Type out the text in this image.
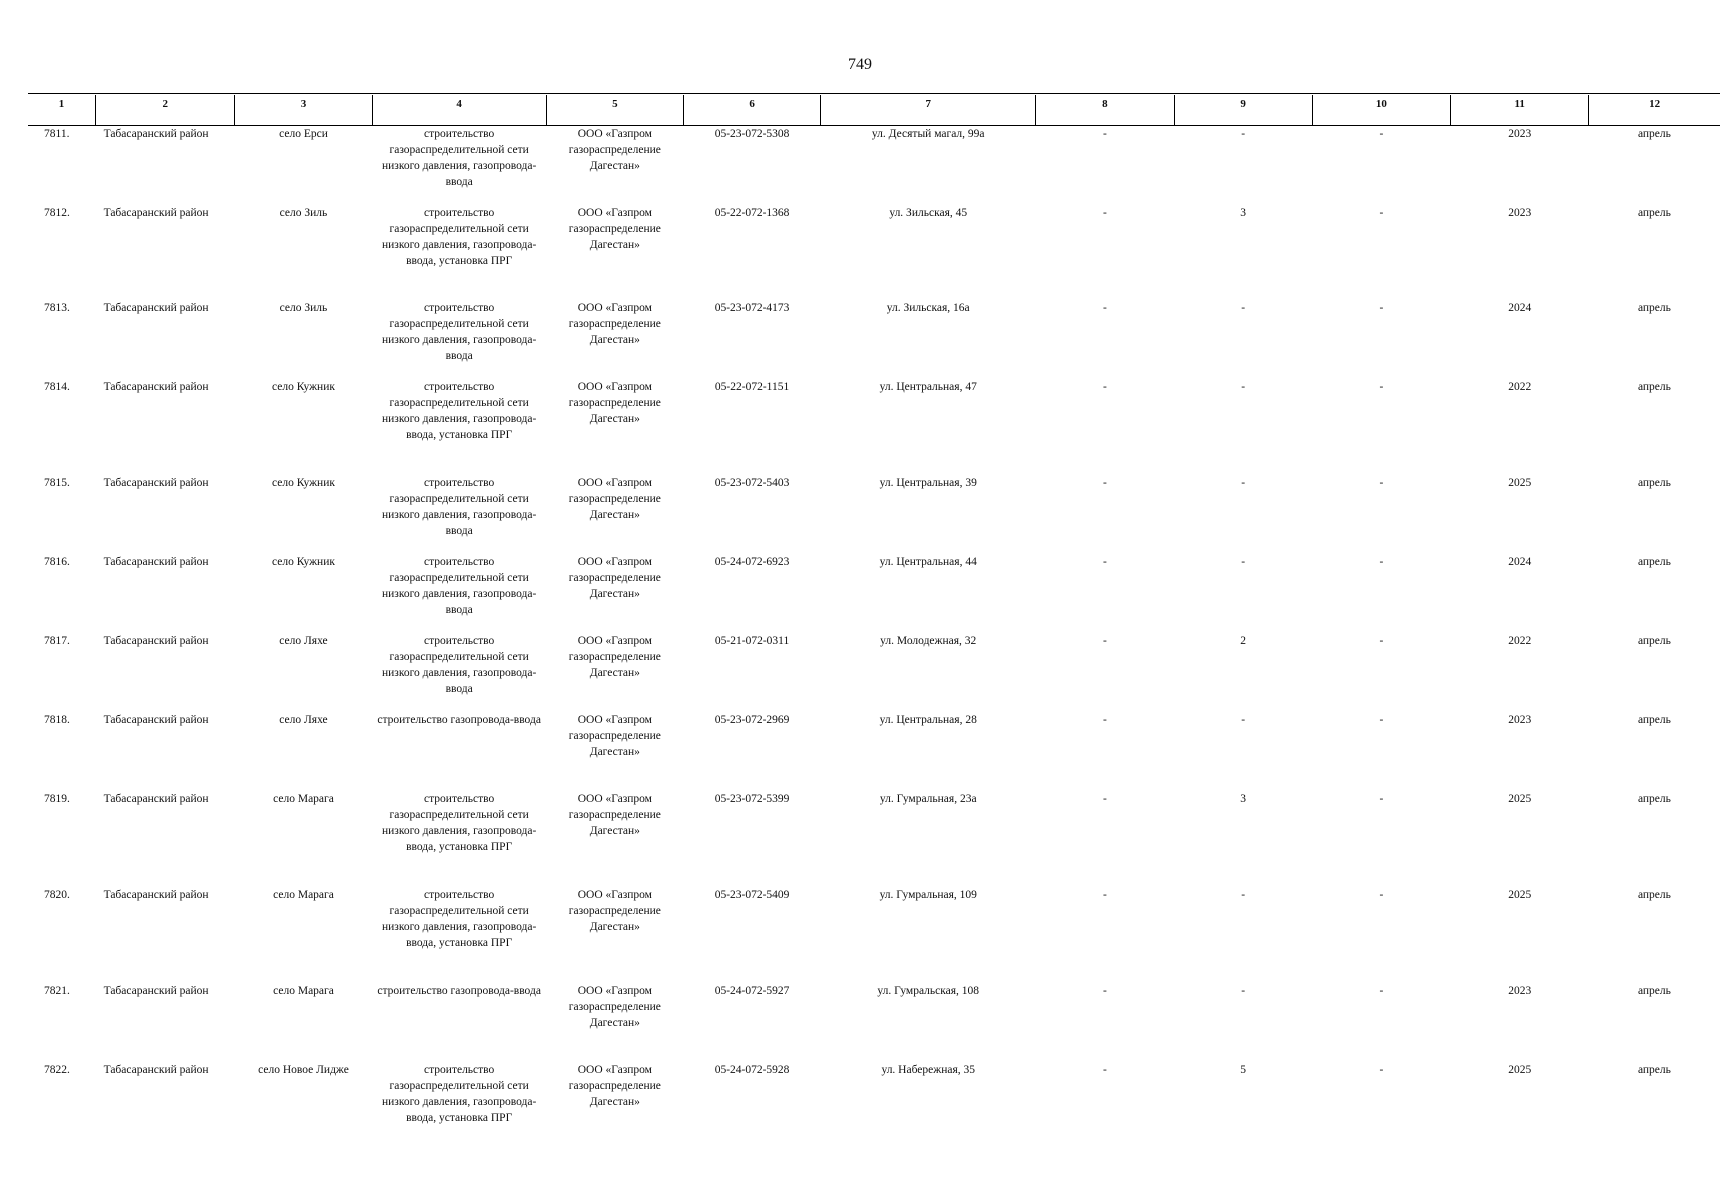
749
1	2	3	4	5	6	7	8	9	10	11	12
7811.	Табасаранский район	село Ерси	строительство газораспределительной сети низкого давления, газопровода-ввода	ООО «Газпром газораспределение Дагестан»	05-23-072-5308	ул. Десятый магал, 99а	-	-	-	2023	апрель
7812.	Табасаранский район	село Зиль	строительство газораспределительной сети низкого давления, газопровода-ввода, установка ПРГ	ООО «Газпром газораспределение Дагестан»	05-22-072-1368	ул. Зильская, 45	-	3	-	2023	апрель
7813.	Табасаранский район	село Зиль	строительство газораспределительной сети низкого давления, газопровода-ввода	ООО «Газпром газораспределение Дагестан»	05-23-072-4173	ул. Зильская, 16а	-	-	-	2024	апрель
7814.	Табасаранский район	село Кужник	строительство газораспределительной сети низкого давления, газопровода-ввода, установка ПРГ	ООО «Газпром газораспределение Дагестан»	05-22-072-1151	ул. Центральная, 47	-	-	-	2022	апрель
7815.	Табасаранский район	село Кужник	строительство газораспределительной сети низкого давления, газопровода-ввода	ООО «Газпром газораспределение Дагестан»	05-23-072-5403	ул. Центральная, 39	-	-	-	2025	апрель
7816.	Табасаранский район	село Кужник	строительство газораспределительной сети низкого давления, газопровода-ввода	ООО «Газпром газораспределение Дагестан»	05-24-072-6923	ул. Центральная, 44	-	-	-	2024	апрель
7817.	Табасаранский район	село Ляхе	строительство газораспределительной сети низкого давления, газопровода-ввода	ООО «Газпром газораспределение Дагестан»	05-21-072-0311	ул. Молодежная, 32	-	2	-	2022	апрель
7818.	Табасаранский район	село Ляхе	строительство газопровода-ввода	ООО «Газпром газораспределение Дагестан»	05-23-072-2969	ул. Центральная, 28	-	-	-	2023	апрель
7819.	Табасаранский район	село Марага	строительство газораспределительной сети низкого давления, газопровода-ввода, установка ПРГ	ООО «Газпром газораспределение Дагестан»	05-23-072-5399	ул. Гумральная, 23а	-	3	-	2025	апрель
7820.	Табасаранский район	село Марага	строительство газораспределительной сети низкого давления, газопровода-ввода, установка ПРГ	ООО «Газпром газораспределение Дагестан»	05-23-072-5409	ул. Гумральная, 109	-	-	-	2025	апрель
7821.	Табасаранский район	село Марага	строительство газопровода-ввода	ООО «Газпром газораспределение Дагестан»	05-24-072-5927	ул. Гумральская, 108	-	-	-	2023	апрель
7822.	Табасаранский район	село Новое Лидже	строительство газораспределительной сети низкого давления, газопровода-ввода, установка ПРГ	ООО «Газпром газораспределение Дагестан»	05-24-072-5928	ул. Набережная, 35	-	5	-	2025	апрель
